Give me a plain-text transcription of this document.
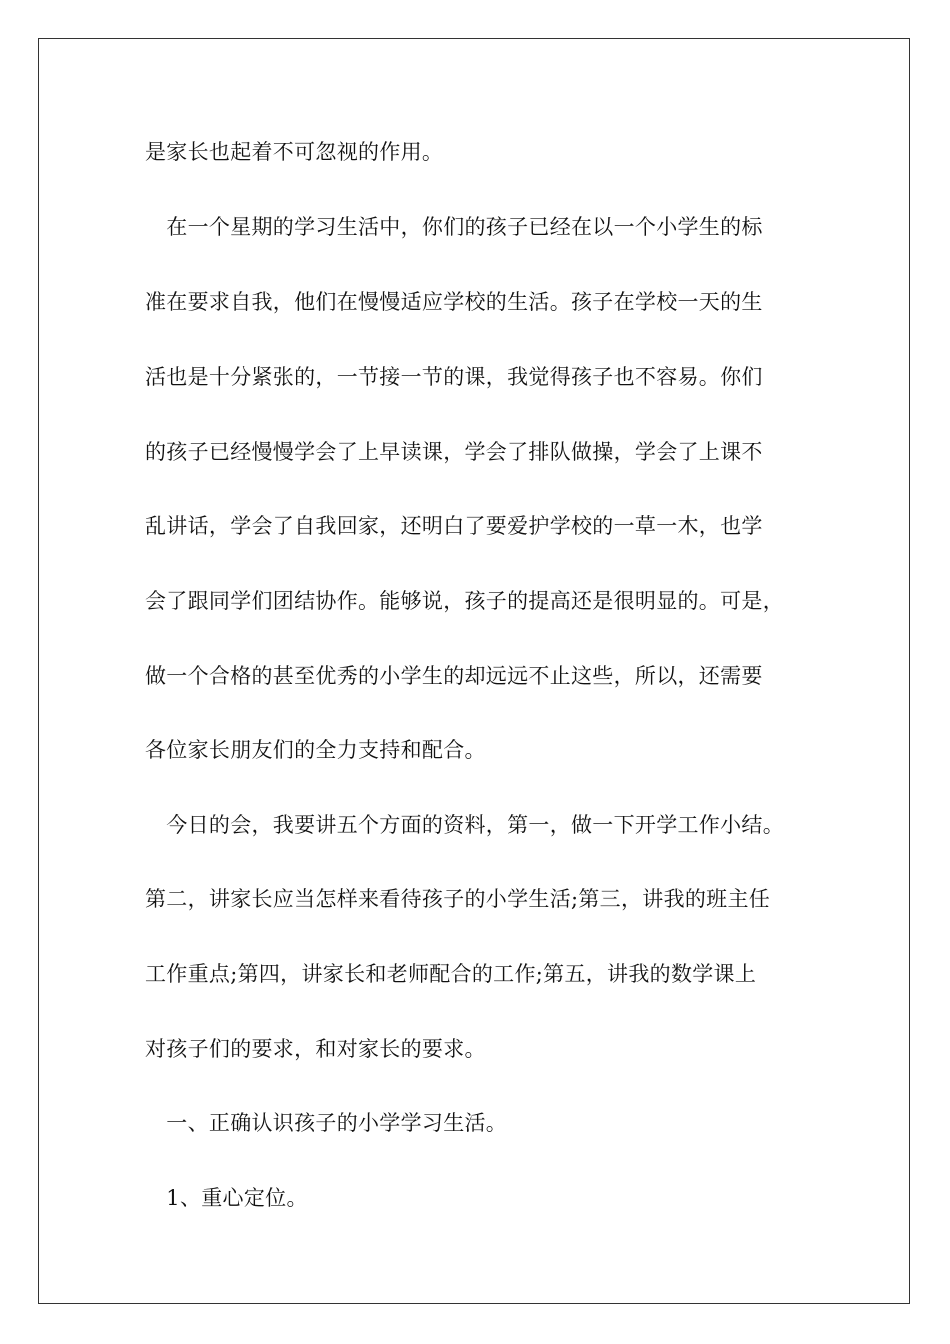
是家长也起着不可忽视的作用。
　在一个星期的学习生活中，你们的孩子已经在以一个小学生的标
准在要求自我，他们在慢慢适应学校的生活。孩子在学校一天的生
活也是十分紧张的，一节接一节的课，我觉得孩子也不容易。你们
的孩子已经慢慢学会了上早读课，学会了排队做操，学会了上课不
乱讲话，学会了自我回家，还明白了要爱护学校的一草一木，也学
会了跟同学们团结协作。能够说，孩子的提高还是很明显的。可是，
做一个合格的甚至优秀的小学生的却远远不止这些，所以，还需要
各位家长朋友们的全力支持和配合。
　今日的会，我要讲五个方面的资料，第一，做一下开学工作小结。
第二，讲家长应当怎样来看待孩子的小学生活;第三，讲我的班主任
工作重点;第四，讲家长和老师配合的工作;第五，讲我的数学课上
对孩子们的要求，和对家长的要求。
　一、正确认识孩子的小学学习生活。
　1、重心定位。
